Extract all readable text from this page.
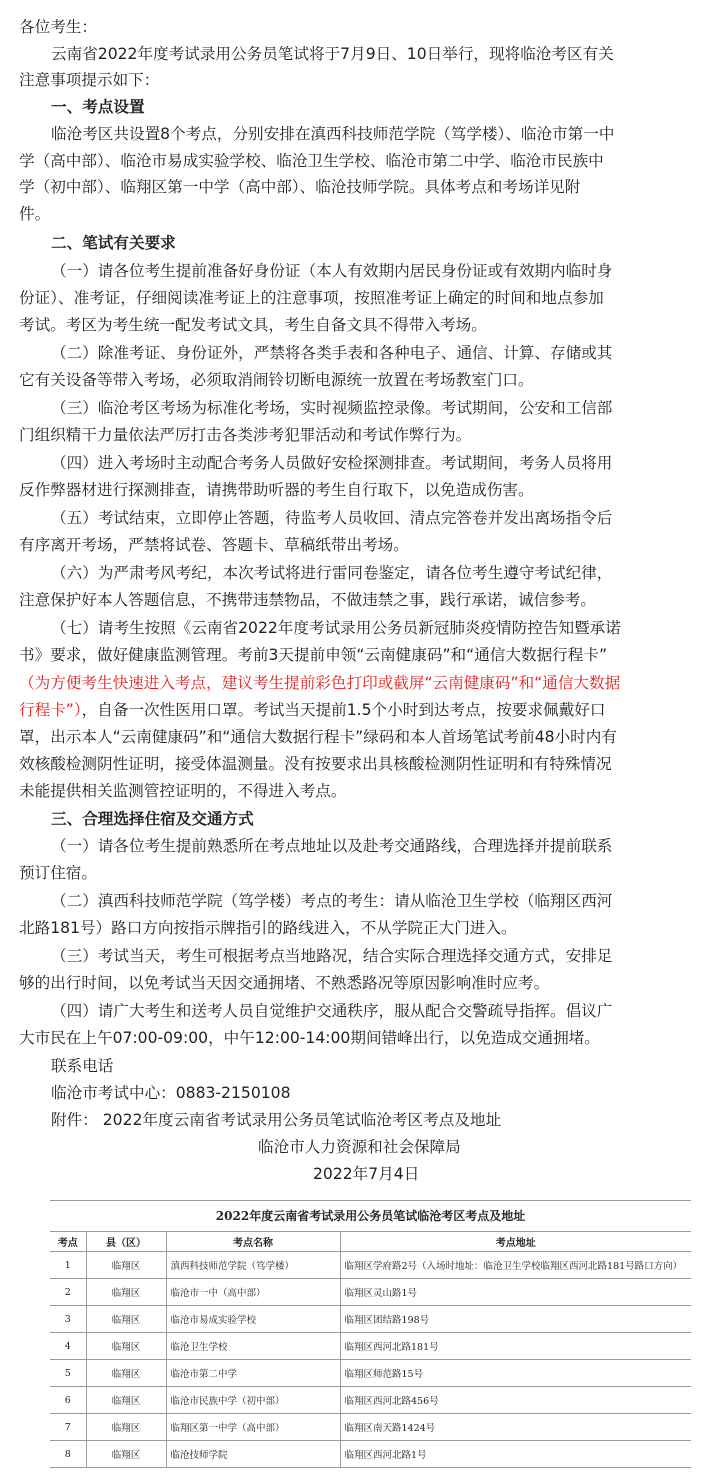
各位考生：
云南省2022年度考试录用公务员笔试将于7月9日、10日举行，现将临沧考区有关
注意事项提示如下：
一、考点设置
临沧考区共设置8个考点，分别安排在滇西科技师范学院（笃学楼）、临沧市第一中
学（高中部）、临沧市易成实验学校、临沧卫生学校、临沧市第二中学、临沧市民族中
学（初中部）、临翔区第一中学（高中部）、临沧技师学院。具体考点和考场详见附
件。
二、笔试有关要求
（一）请各位考生提前准备好身份证（本人有效期内居民身份证或有效期内临时身
份证）、准考证，仔细阅读准考证上的注意事项，按照准考证上确定的时间和地点参加
考试。考区为考生统一配发考试文具，考生自备文具不得带入考场。
（二）除准考证、身份证外，严禁将各类手表和各种电子、通信、计算、存储或其
它有关设备等带入考场，必须取消闹铃切断电源统一放置在考场教室门口。
（三）临沧考区考场为标准化考场，实时视频监控录像。考试期间，公安和工信部
门组织精干力量依法严厉打击各类涉考犯罪活动和考试作弊行为。
（四）进入考场时主动配合考务人员做好安检探测排查。考试期间，考务人员将用
反作弊器材进行探测排查，请携带助听器的考生自行取下，以免造成伤害。
（五）考试结束，立即停止答题，待监考人员收回、清点完答卷并发出离场指令后
有序离开考场，严禁将试卷、答题卡、草稿纸带出考场。
（六）为严肃考风考纪，本次考试将进行雷同卷鉴定，请各位考生遵守考试纪律，
注意保护好本人答题信息，不携带违禁物品，不做违禁之事，践行承诺，诚信参考。
（七）请考生按照《云南省2022年度考试录用公务员新冠肺炎疫情防控告知暨承诺
书》要求，做好健康监测管理。考前3天提前申领“云南健康码”和“通信大数据行程卡”
（为方便考生快速进入考点，建议考生提前彩色打印或截屏“云南健康码”和“通信大数据
行程卡”），自备一次性医用口罩。考试当天提前1.5个小时到达考点，按要求佩戴好口
罩，出示本人“云南健康码”和“通信大数据行程卡”绿码和本人首场笔试考前48小时内有
效核酸检测阴性证明，接受体温测量。没有按要求出具核酸检测阴性证明和有特殊情况
未能提供相关监测管控证明的，不得进入考点。
三、合理选择住宿及交通方式
（一）请各位考生提前熟悉所在考点地址以及赴考交通路线，合理选择并提前联系
预订住宿。
（二）滇西科技师范学院（笃学楼）考点的考生：请从临沧卫生学校（临翔区西河
北路181号）路口方向按指示牌指引的路线进入，不从学院正大门进入。
（三）考试当天，考生可根据考点当地路况，结合实际合理选择交通方式，安排足
够的出行时间，以免考试当天因交通拥堵、不熟悉路况等原因影响准时应考。
（四）请广大考生和送考人员自觉维护交通秩序，服从配合交警疏导指挥。倡议广
大市民在上午07:00-09:00，中午12:00-14:00期间错峰出行，以免造成交通拥堵。
联系电话
临沧市考试中心：0883-2150108
附件： 2022年度云南省考试录用公务员笔试临沧考区考点及地址
临沧市人力资源和社会保障局
2022年7月4日
2022年度云南省考试录用公务员笔试临沧考区考点及地址
考点	县（区）	考点名称	考点地址
1	临翔区	滇西科技师范学院（笃学楼）	临翔区学府路2号（入场时地址：临沧卫生学校临翔区西河北路181号路口方向）
2	临翔区	临沧市一中（高中部）	临翔区灵山路1号
3	临翔区	临沧市易成实验学校	临翔区团结路198号
4	临翔区	临沧卫生学校	临翔区西河北路181号
5	临翔区	临沧市第二中学	临翔区师范路15号
6	临翔区	临沧市民族中学（初中部）	临翔区西河北路456号
7	临翔区	临翔区第一中学（高中部）	临翔区南天路1424号
8	临翔区	临沧技师学院	临翔区西河北路1号
